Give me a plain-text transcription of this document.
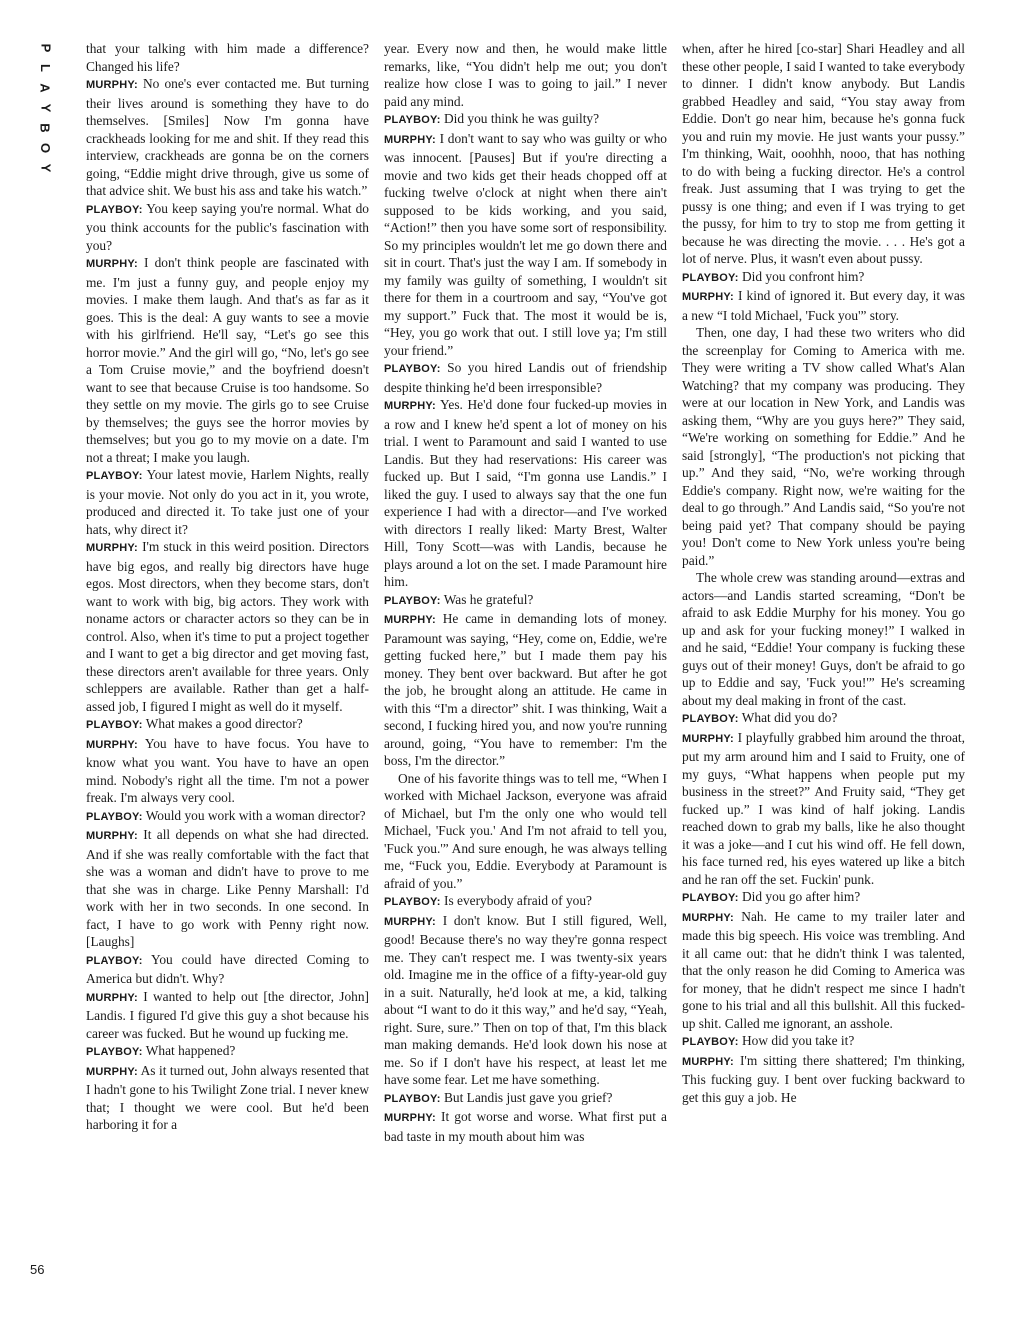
P
L
A
Y
B
O
Y
56

that your talking with him made a difference? Changed his life?

MURPHY: No one's ever contacted me. But turning their lives around is something they have to do themselves. [Smiles] Now I'm gonna have crackheads looking for me and shit. If they read this interview, crackheads are gonna be on the corners going, “Eddie might drive through, give us some of that advice shit. We bust his ass and take his watch.”

PLAYBOY: You keep saying you're normal. What do you think accounts for the public's fascination with you?

MURPHY: I don't think people are fascinated with me. I'm just a funny guy, and people enjoy my movies. I make them laugh. And that's as far as it goes. This is the deal: A guy wants to see a movie with his girlfriend. He'll say, “Let's go see this horror movie.” And the girl will go, “No, let's go see a Tom Cruise movie,” and the boyfriend doesn't want to see that because Cruise is too handsome. So they settle on my movie. The girls go to see Cruise by themselves; the guys see the horror movies by themselves; but you go to my movie on a date. I'm not a threat; I make you laugh.

PLAYBOY: Your latest movie, Harlem Nights, really is your movie. Not only do you act in it, you wrote, produced and directed it. To take just one of your hats, why direct it?

MURPHY: I'm stuck in this weird position. Directors have big egos, and really big directors have huge egos. Most directors, when they become stars, don't want to work with big, big actors. They work with noname actors or character actors so they can be in control. Also, when it's time to put a project together and I want to get a big director and get moving fast, these directors aren't available for three years. Only schleppers are available. Rather than get a half-assed job, I figured I might as well do it myself.

PLAYBOY: What makes a good director?

MURPHY: You have to have focus. You have to know what you want. You have to have an open mind. Nobody's right all the time. I'm not a power freak. I'm always very cool.

PLAYBOY: Would you work with a woman director?

MURPHY: It all depends on what she had directed. And if she was really comfortable with the fact that she was a woman and didn't have to prove to me that she was in charge. Like Penny Marshall: I'd work with her in two seconds. In one second. In fact, I have to go work with Penny right now. [Laughs]

PLAYBOY: You could have directed Coming to America but didn't. Why?

MURPHY: I wanted to help out [the director, John] Landis. I figured I'd give this guy a shot because his career was fucked. But he wound up fucking me.

PLAYBOY: What happened?

MURPHY: As it turned out, John always resented that I hadn't gone to his Twilight Zone trial. I never knew that; I thought we were cool. But he'd been harboring it for a

year. Every now and then, he would make little remarks, like, “You didn't help me out; you don't realize how close I was to going to jail.” I never paid any mind.

PLAYBOY: Did you think he was guilty?

MURPHY: I don't want to say who was guilty or who was innocent. [Pauses] But if you're directing a movie and two kids get their heads chopped off at fucking twelve o'clock at night when there ain't supposed to be kids working, and you said, “Action!” then you have some sort of responsibility. So my principles wouldn't let me go down there and sit in court. That's just the way I am. If somebody in my family was guilty of something, I wouldn't sit there for them in a courtroom and say, “You've got my support.” Fuck that. The most it would be is, “Hey, you go work that out. I still love ya; I'm still your friend.”

PLAYBOY: So you hired Landis out of friendship despite thinking he'd been irresponsible?

MURPHY: Yes. He'd done four fucked-up movies in a row and I knew he'd spent a lot of money on his trial. I went to Paramount and said I wanted to use Landis. But they had reservations: His career was fucked up. But I said, “I'm gonna use Landis.” I liked the guy. I used to always say that the one fun experience I had with a director—and I've worked with directors I really liked: Marty Brest, Walter Hill, Tony Scott—was with Landis, because he plays around a lot on the set. I made Paramount hire him.

PLAYBOY: Was he grateful?

MURPHY: He came in demanding lots of money. Paramount was saying, “Hey, come on, Eddie, we're getting fucked here,” but I made them pay his money. They bent over backward. But after he got the job, he brought along an attitude. He came in with this “I'm a director” shit. I was thinking, Wait a second, I fucking hired you, and now you're running around, going, “You have to remember: I'm the boss, I'm the director.”

One of his favorite things was to tell me, “When I worked with Michael Jackson, everyone was afraid of Michael, but I'm the only one who would tell Michael, 'Fuck you.' And I'm not afraid to tell you, 'Fuck you.'” And sure enough, he was always telling me, “Fuck you, Eddie. Everybody at Paramount is afraid of you.”

PLAYBOY: Is everybody afraid of you?

MURPHY: I don't know. But I still figured, Well, good! Because there's no way they're gonna respect me. They can't respect me. I was twenty-six years old. Imagine me in the office of a fifty-year-old guy in a suit. Naturally, he'd look at me, a kid, talking about “I want to do it this way,” and he'd say, “Yeah, right. Sure, sure.” Then on top of that, I'm this black man making demands. He'd look down his nose at me. So if I don't have his respect, at least let me have some fear. Let me have something.

PLAYBOY: But Landis just gave you grief?

MURPHY: It got worse and worse. What first put a bad taste in my mouth about him was

when, after he hired [co-star] Shari Headley and all these other people, I said I wanted to take everybody to dinner. I didn't know anybody. But Landis grabbed Headley and said, “You stay away from Eddie. Don't go near him, because he's gonna fuck you and ruin my movie. He just wants your pussy.” I'm thinking, Wait, ooohhh, nooo, that has nothing to do with being a fucking director. He's a control freak. Just assuming that I was trying to get the pussy is one thing; and even if I was trying to get the pussy, for him to try to stop me from getting it because he was directing the movie. . . . He's got a lot of nerve. Plus, it wasn't even about pussy.

PLAYBOY: Did you confront him?

MURPHY: I kind of ignored it. But every day, it was a new “I told Michael, 'Fuck you'” story.

Then, one day, I had these two writers who did the screenplay for Coming to America with me. They were writing a TV show called What's Alan Watching? that my company was producing. They were at our location in New York, and Landis was asking them, “Why are you guys here?” They said, “We're working on something for Eddie.” And he said [strongly], “The production's not picking that up.” And they said, “No, we're working through Eddie's company. Right now, we're waiting for the deal to go through.” And Landis said, “So you're not being paid yet? That company should be paying you! Don't come to New York unless you're being paid.”

The whole crew was standing around—extras and actors—and Landis started screaming, “Don't be afraid to ask Eddie Murphy for his money. You go up and ask for your fucking money!” I walked in and he said, “Eddie! Your company is fucking these guys out of their money! Guys, don't be afraid to go up to Eddie and say, 'Fuck you!'” He's screaming about my deal making in front of the cast.

PLAYBOY: What did you do?

MURPHY: I playfully grabbed him around the throat, put my arm around him and I said to Fruity, one of my guys, “What happens when people put my business in the street?” And Fruity said, “They get fucked up.” I was kind of half joking. Landis reached down to grab my balls, like he also thought it was a joke—and I cut his wind off. He fell down, his face turned red, his eyes watered up like a bitch and he ran off the set. Fuckin' punk.

PLAYBOY: Did you go after him?

MURPHY: Nah. He came to my trailer later and made this big speech. His voice was trembling. And it all came out: that he didn't think I was talented, that the only reason he did Coming to America was for money, that he didn't respect me since I hadn't gone to his trial and all this bullshit. All this fucked-up shit. Called me ignorant, an asshole.

PLAYBOY: How did you take it?

MURPHY: I'm sitting there shattered; I'm thinking, This fucking guy. I bent over fucking backward to get this guy a job. He
